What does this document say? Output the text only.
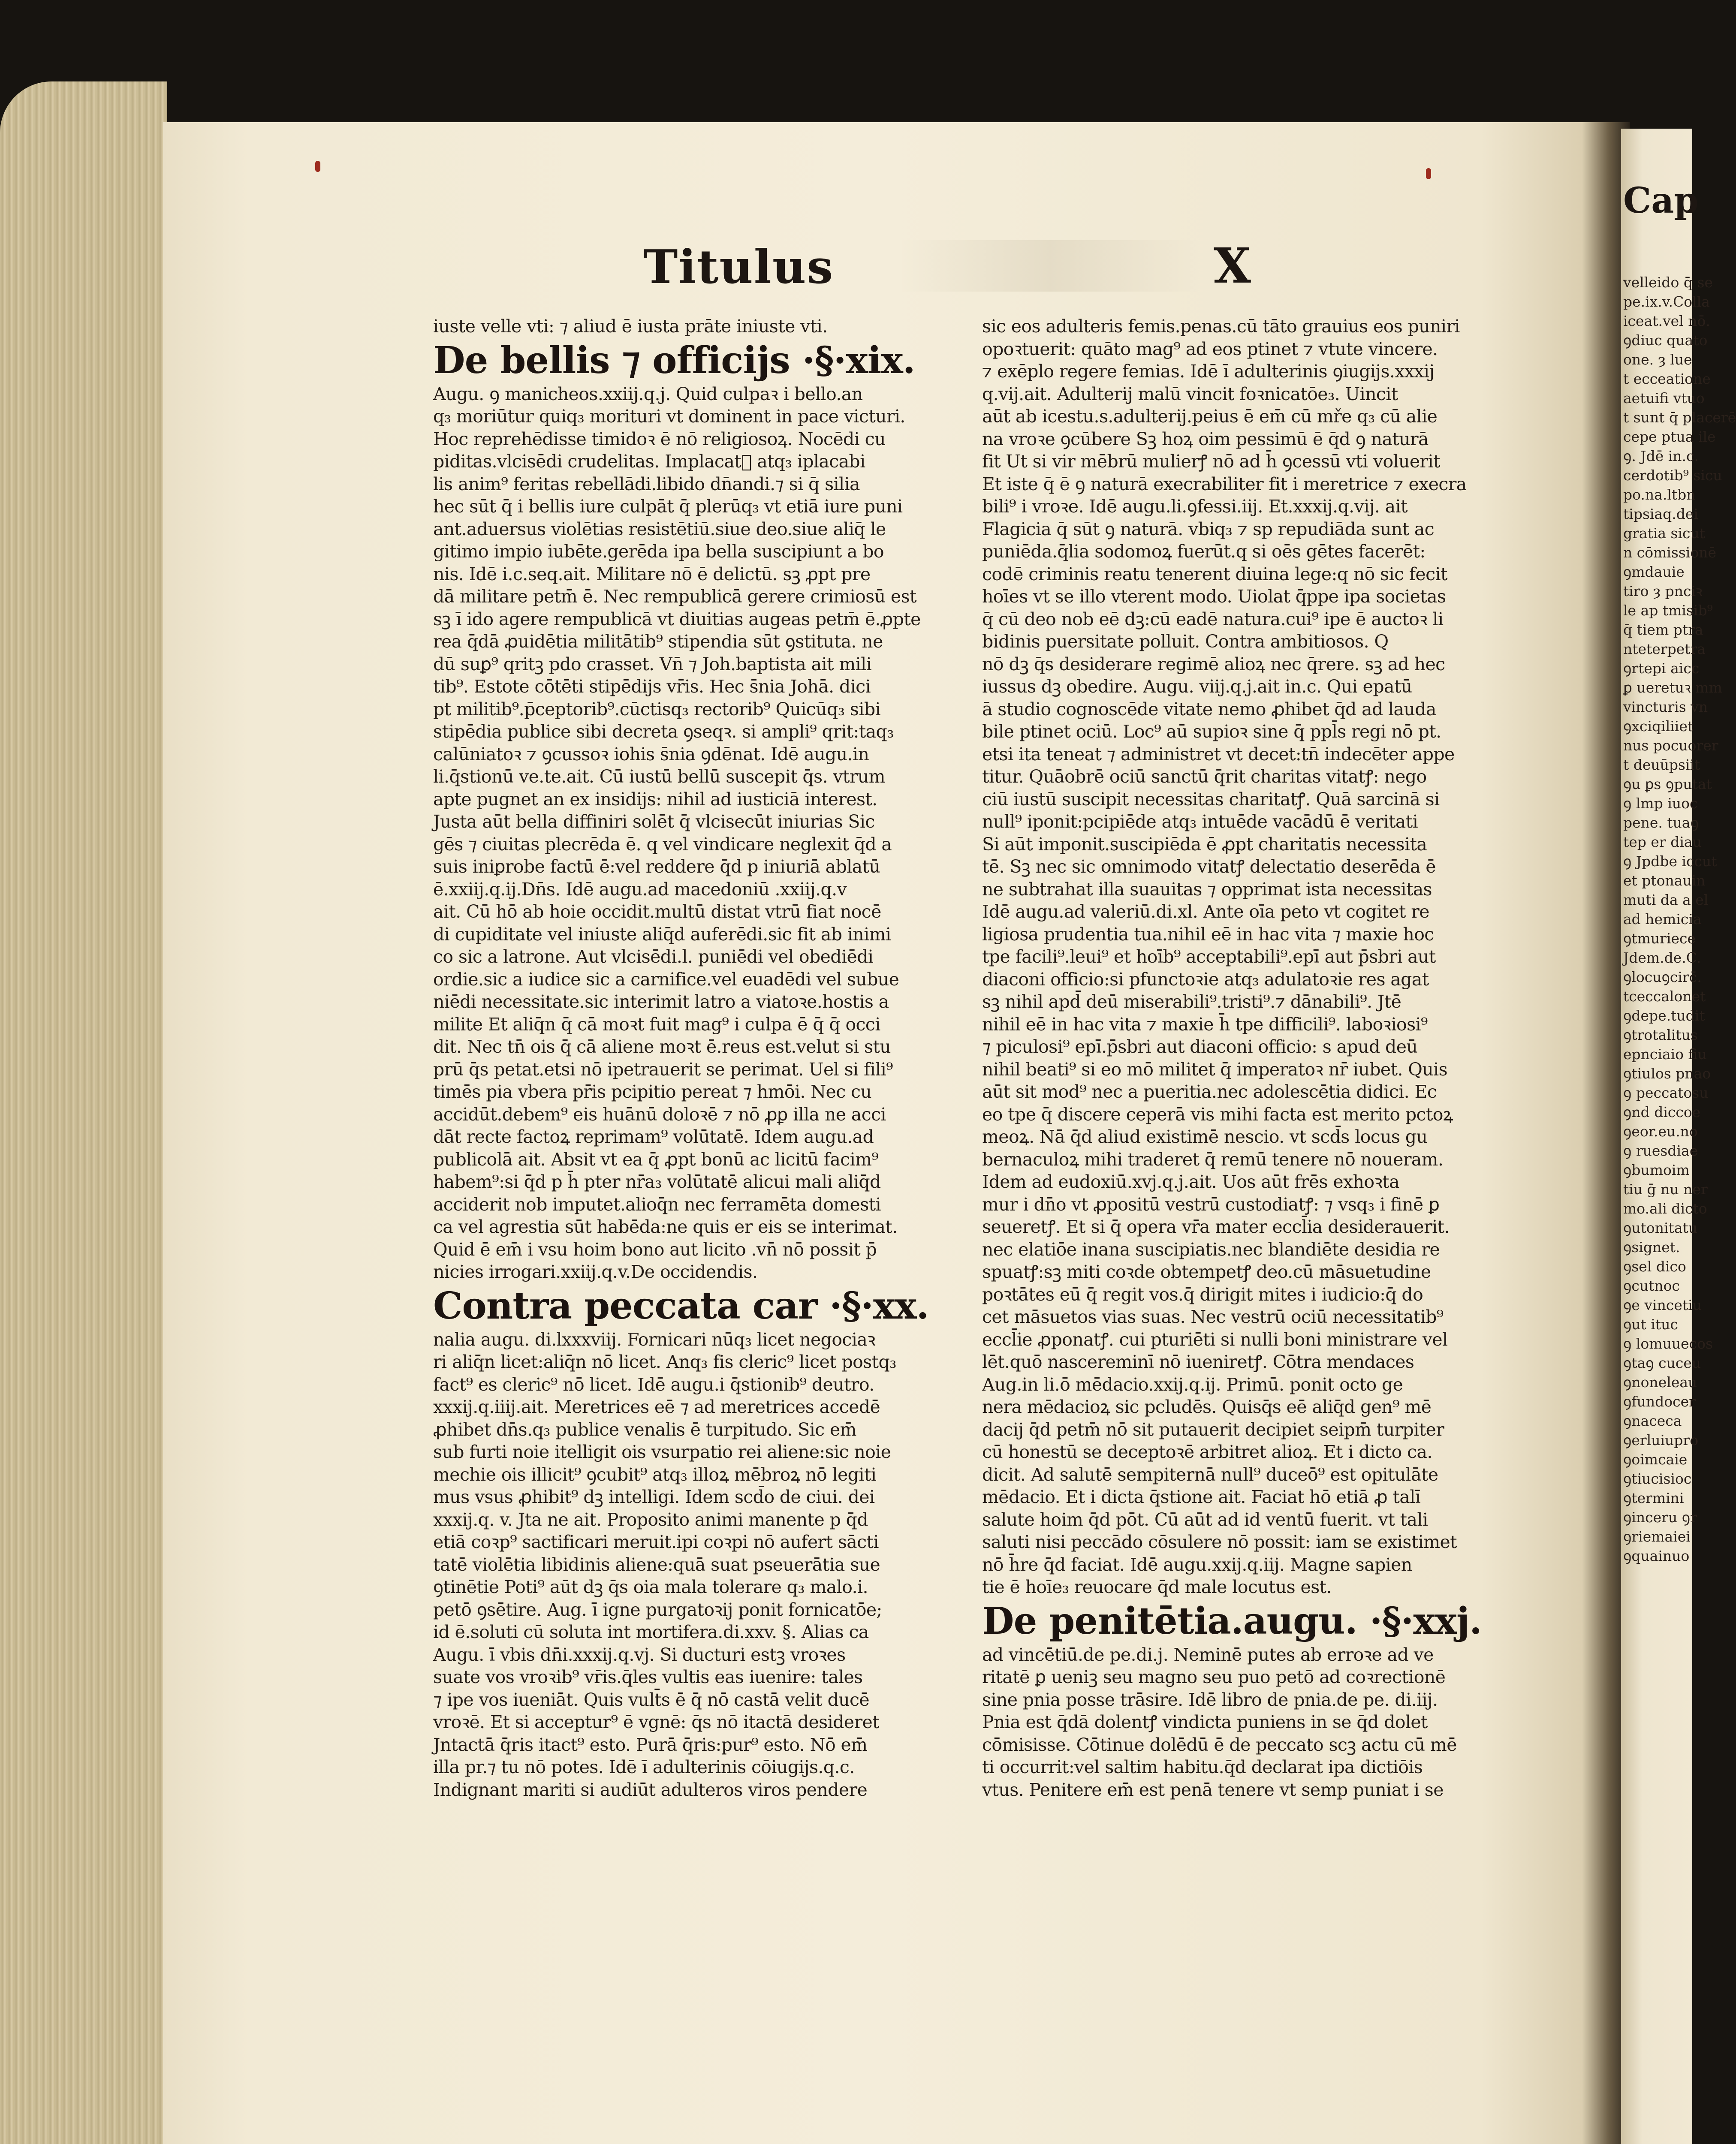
Titulus	X
iuste velle vti: ⁊ aliud ē iusta prāte iniuste vti.
De bellis ⁊ officijs ·§·xix.
Augu. ꝯ manicheos.xxiij.q.j. Quid culpaꝛ i bello.an
q₃ moriūtur quiq₃ morituri vt dominent in pace victuri.
Hoc reprehēdisse timidoꝛ ē nō religiosoꝝ. Nocēdi cu
piditas.vlcisēdi crudelitas. Implacat᷑ atq₃ iplacabi
lis anim⁹ feritas rebellādi.libido dn̄andi.⁊ si q̄ silia
hec sūt q̄ i bellis iure culpāt q̄ plerūq₃ vt etiā iure puni
ant.aduersus violētias resistētiū.siue deo.siue aliq̄ le
gitimo impio iubēte.gerēda ipa bella suscipiunt a bo
nis. Idē i.c.seq.ait. Militare nō ē delictū. sꝫ ꝓpt pre
dā militare petm̄ ē. Nec rempublicā gerere crimiosū est
sꝫ ī ido agere rempublicā vt diuitias augeas petm̄ ē.ꝓpte
rea q̄dā ꝓuidētia militātib⁹ stipendia sūt ꝯstituta. ne
dū suꝑ⁹ qritꝫ pdo crasset. Vn̄ ⁊ Joh.baptista ait mili
tib⁹. Estote cōtēti stipēdijs vr̄is. Hec s̄nia Johā. dici
pt militib⁹.p̄ceptorib⁹.cūctisq₃ rectorib⁹ Quicūq₃ sibi
stipēdia publice sibi decreta ꝯseqꝛ. si ampli⁹ qrit:taq₃
calūniatoꝛ ⁊ ꝯcussoꝛ iohis s̄nia ꝯdēnat. Idē augu.in
li.q̄stionū ve.te.ait. Cū iustū bellū suscepit q̄s. vtrum
apte pugnet an ex insidijs: nihil ad iusticiā interest.
Justa aūt bella diffiniri solēt q̄ vlcisecūt iniurias Sic
gēs ⁊ ciuitas plecrēda ē. q vel vindicare neglexit q̄d a
suis iniꝑrobe factū ē:vel reddere q̄d p iniuriā ablatū
ē.xxiij.q.ij.Dn̄s. Idē augu.ad macedoniū .xxiij.q.v
ait. Cū hō ab hoie occidit.multū distat vtrū fiat nocē
di cupiditate vel iniuste aliq̄d auferēdi.sic fit ab inimi
co sic a latrone. Aut vlcisēdi.l. puniēdi vel obediēdi
ordie.sic a iudice sic a carnifice.vel euadēdi vel subue
niēdi necessitate.sic interimit latro a viatoꝛe.hostis a
milite Et aliq̄n q̄ cā moꝛt fuit mag⁹ i culpa ē q̄ q̄ occi
dit. Nec tn̄ ois q̄ cā aliene moꝛt ē.reus est.velut si stu
prū q̄s petat.etsi nō ipetrauerit se perimat. Uel si fili⁹
timēs pia vbera pr̄is pcipitio pereat ⁊ hmōi. Nec cu
accidūt.debem⁹ eis huānū doloꝛē ⁊ nō ꝓꝑ illa ne acci
dāt recte factoꝝ reprimam⁹ volūtatē. Idem augu.ad
publicolā ait. Absit vt ea q̄ ꝓpt bonū ac licitū facim⁹
habem⁹:si q̄d p h̄ pter nr̄a₃ volūtatē alicui mali aliq̄d
acciderit nob imputet.alioq̄n nec ferramēta domesti
ca vel agrestia sūt habēda:ne quis er eis se interimat.
Quid ē em̄ i vsu hoim bono aut licito .vn̄ nō possit p̄
nicies irrogari.xxiij.q.v.De occidendis.
Contra peccata car ·§·xx.
nalia augu. di.lxxxviij. Fornicari nūq₃ licet negociaꝛ
ri aliq̄n licet:aliq̄n nō licet. Anq₃ fis cleric⁹ licet postq₃
fact⁹ es cleric⁹ nō licet. Idē augu.i q̄stionib⁹ deutro.
xxxij.q.iiij.ait. Meretrices eē ⁊ ad meretrices accedē
ꝓhibet dn̄s.q₃ publice venalis ē turpitudo. Sic em̄
sub furti noie itelligit ois vsurpatio rei aliene:sic noie
mechie ois illicit⁹ ꝯcubit⁹ atq₃ illoꝝ mēbroꝝ nō legiti
mus vsus ꝓhibit⁹ dꝫ intelligi. Idem scd̄o de ciui. dei
xxxij.q. v. Jta ne ait. Proposito animi manente p q̄d
etiā coꝛp⁹ sactificari meruit.ipi coꝛpi nō aufert sācti
tatē violētia libidinis aliene:quā suat pseuerātia sue
ꝯtinētie Poti⁹ aūt dꝫ q̄s oia mala tolerare q₃ malo.i.
petō ꝯsētire. Aug. ī igne purgatoꝛij ponit fornicatōe;
id ē.soluti cū soluta int mortifera.di.xxv. §. Alias ca
Augu. ī vbis dn̄i.xxxij.q.vj. Si ducturi estꝫ vroꝛes
suate vos vroꝛib⁹ vr̄is.q̄les vultis eas iuenire: tales
⁊ ipe vos iueniāt. Quis vult̄s ē q̄ nō castā velit ducē
vroꝛē. Et si acceptur⁹ ē vgnē: q̄s nō itactā desideret
Jntactā q̄ris itact⁹ esto. Purā q̄ris:pur⁹ esto. Nō em̄
illa pr.⁊ tu nō potes. Idē ī adulterinis cōiugijs.q.c.
Indignant mariti si audiūt adulteros viros pendere
sic eos adulteris femis.penas.cū tāto grauius eos puniri
opoꝛtuerit: quāto mag⁹ ad eos ptinet ⁊ vtute vincere.
⁊ exēplo regere femias. Idē ī adulterinis ꝯiugijs.xxxij
q.vij.ait. Adulterij malū vincit foꝛnicatōe₃. Uincit
aūt ab icestu.s.adulterij.peius ē em̄ cū mře q₃ cū alie
na vroꝛe ꝯcūbere Sꝫ hoꝝ oim pessimū ē q̄d ꝯ naturā
fit Ut si vir mēbrū mulierꝭ nō ad h̄ ꝯcessū vti voluerit
Et iste q̄ ē ꝯ naturā execrabiliter fit i meretrice ⁊ execra
bili⁹ i vroꝛe. Idē augu.li.ꝯfessi.iij. Et.xxxij.q.vij. ait
Flagicia q̄ sūt ꝯ naturā. vbiq₃ ⁊ sp repudiāda sunt ac
puniēda.q̄lia sodomoꝝ fuerūt.q si oēs gētes facerēt:
codē criminis reatu tenerent diuina lege:q nō sic fecit
hoīes vt se illo vterent modo. Uiolat q̄ppe ipa societas
q̄ cū deo nob eē dꝫ:cū eadē natura.cui⁹ ipe ē auctoꝛ li
bidinis puersitate polluit. Contra ambitiosos. Q
nō dꝫ q̄s desiderare regimē alioꝝ nec q̄rere. sꝫ ad hec
iussus dꝫ obedire. Augu. viij.q.j.ait in.c. Qui epatū
ā studio cognoscēde vitate nemo ꝓhibet q̄d ad lauda
bile ptinet ociū. Loc⁹ aū supioꝛ sine q̄ ppl̄s regi nō pt.
etsi ita teneat ⁊ administret vt decet:tn̄ indecēter appe
titur. Quāobrē ociū sanctū q̄rit charitas vitatꝭ: nego
ciū iustū suscipit necessitas charitatꝭ. Quā sarcinā si
null⁹ iponit:pcipiēde atq₃ intuēde vacādū ē veritati
Si aūt imponit.suscipiēda ē ꝓpt charitatis necessita
tē. Sꝫ nec sic omnimodo vitatꝭ delectatio deserēda ē
ne subtrahat illa suauitas ⁊ opprimat ista necessitas
Idē augu.ad valeriū.di.xl. Ante oīa peto vt cogitet re
ligiosa prudentia tua.nihil eē in hac vita ⁊ maxie hoc
tpe facili⁹.leui⁹ et hoīb⁹ acceptabili⁹.epī aut p̄sbri aut
diaconi officio:si pfunctoꝛie atq₃ adulatoꝛie res agat
sꝫ nihil apd̄ deū miserabili⁹.tristi⁹.⁊ dānabili⁹. Jtē
nihil eē in hac vita ⁊ maxie h̄ tpe difficili⁹. laboꝛiosi⁹
⁊ piculosi⁹ epī.p̄sbri aut diaconi officio: s apud deū
nihil beati⁹ si eo mō militet q̄ imperatoꝛ nr̄ iubet. Quis
aūt sit mod⁹ nec a pueritia.nec adolescētia didici. Ec
eo tpe q̄ discere ceperā vis mihi facta est merito pctoꝝ
meoꝝ. Nā q̄d aliud existimē nescio. vt scd̄s locus gu
bernaculoꝝ mihi traderet q̄ remū tenere nō noueram.
Idem ad eudoxiū.xvj.q.j.ait. Uos aūt frēs exhoꝛta
mur i dn̄o vt ꝓpositū vestrū custodiatꝭ: ⁊ vsq₃ i finē ꝑ
seueretꝭ. Et si q̄ opera vr̄a mater eccl̄ia desiderauerit.
nec elatiōe inana suscipiatis.nec blandiēte desidia re
spuatꝭ:sꝫ miti coꝛde obtempetꝭ deo.cū māsuetudine
poꝛtātes eū q̄ regit vos.q̄ dirigit mites i iudicio:q̄ do
cet māsuetos vias suas. Nec vestrū ociū necessitatib⁹
eccl̄ie ꝓponatꝭ. cui pturiēti si nulli boni ministrare vel
lēt.quō nascereminī nō iueniretꝭ. Cōtra mendaces
Aug.in li.ō mēdacio.xxij.q.ij. Primū. ponit octo ge
nera mēdacioꝝ sic pcludēs. Quisq̄s eē aliq̄d gen⁹ mē
dacij q̄d petm̄ nō sit putauerit decipiet seipm̄ turpiter
cū honestū se deceptoꝛē arbitret alioꝝ. Et i dicto ca.
dicit. Ad salutē sempiternā null⁹ duceō⁹ est opitulāte
mēdacio. Et i dicta q̄stione ait. Faciat hō etiā ꝓ talī
salute hoim q̄d pōt. Cū aūt ad id ventū fuerit. vt tali
saluti nisi peccādo cōsulere nō possit: iam se existimet
nō h̄re q̄d faciat. Idē augu.xxij.q.iij. Magne sapien
tie ē hoīe₃ reuocare q̄d male locutus est.
De penitētia.augu. ·§·xxj.
ad vincētiū.de pe.di.j. Neminē putes ab erroꝛe ad ve
ritatē ꝑ ueniꝫ seu magno seu puo petō ad coꝛrectionē
sine pnia posse trāsire. Idē libro de pnia.de pe. di.iij.
Pnia est q̄dā dolentꝭ vindicta puniens in se q̄d dolet
cōmisisse. Cōtinue dolēdū ē de peccato scꝫ actu cū mē
ti occurrit:vel saltim habitu.q̄d declarat ipa dictiōis
vtus. Penitere em̄ est penā tenere vt semp puniat i se
Cap
velleido q̄ se
pe.ix.v.Colla
iceat.vel nō.
ꝯdiuc quato
one. ȝ lue
t ecceatione
aetuifi vtuo
t sunt q̄ placerē
cepe ptua ile
ꝯ. Jdē in.c.
cerdotib⁹ sicu
po.na.ltbn
tipsiaq.dei
gratia sicut
n cōmissionē
ꝯmdauie
tiro ȝ pnciꝛ
le ap tmisib⁹
q̄ tiem ptra
nteterpetra
ꝯrtepi aicc
ꝑ ueretuꝛ mm
vincturis vn
ꝯxciqiliiet
nus pocuorer
t deuūpsiit
ꝯu ꝑs ꝯputat
ꝯ lmp iuoc
pene. tuaꝯ
tep er diau
ꝯ Jpdbe iccut
et ptonauin
muti da a el
ad hemicia
ꝯtmuriece
Jdem.de.C.
ꝯlocuꝯcirc̄.
tceccalonet
ꝯdepe.tudit
ꝯtrotalitus
epnciaio fiu
ꝯtiulos pnao
ꝯ peccatosu
ꝯnd diccoe
ꝯeor.eu.no
ꝯ ruesdiae
ꝯbumoim
tiu ḡ nu ner
mo.ali dicto
ꝯutonitatu
ꝯsignet.
ꝯsel dico
ꝯcutnoc
ꝯe vincetiu
ꝯut ituc
ꝯ lomuuecos
ꝯtaꝯ cuceu
ꝯnoneleau
ꝯfundocer
ꝯnaceca
ꝯerluiupro
ꝯoimcaie
ꝯtiucisioc
ꝯtermini
ꝯinceru ꝯr
ꝯriemaiei
ꝯquainuo
